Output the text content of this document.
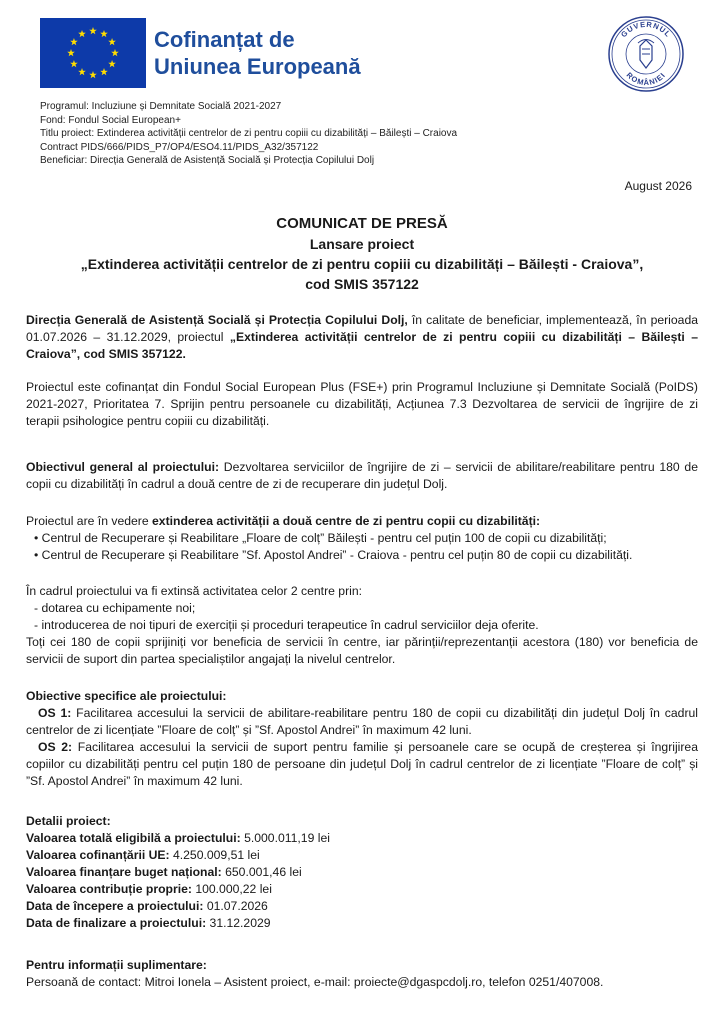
Cofinanțat de
Uniunea Europeană
GUVERNUL
ROMÂNIEI
Programul: Incluziune și Demnitate Socială 2021-2027
Fond: Fondul Social European+
Titlu proiect: Extinderea activității centrelor de zi pentru copiii cu dizabilități – Băilești – Craiova
Contract PIDS/666/PIDS_P7/OP4/ESO4.11/PIDS_A32/357122
Beneficiar: Direcția Generală de Asistență Socială și Protecția Copilului Dolj
August 2026
COMUNICAT DE PRESĂ
Lansare proiect
„Extinderea activității centrelor de zi pentru copiii cu dizabilități – Băilești - Craiova”,
cod SMIS 357122
Direcția Generală de Asistență Socială și Protecția Copilului Dolj, în calitate de beneficiar, implementează, în perioada 01.07.2026 – 31.12.2029, proiectul „Extinderea activității centrelor de zi pentru copiii cu dizabilități – Băilești – Craiova”, cod SMIS 357122.
Proiectul este cofinanțat din Fondul Social European Plus (FSE+) prin Programul Incluziune și Demnitate Socială (PoIDS) 2021-2027, Prioritatea 7. Sprijin pentru persoanele cu dizabilități, Acțiunea 7.3 Dezvoltarea de servicii de îngrijire de zi terapii psihologice pentru copiii cu dizabilități.
Obiectivul general al proiectului: Dezvoltarea serviciilor de îngrijire de zi – servicii de abilitare/reabilitare pentru 180 de copii cu dizabilități în cadrul a două centre de zi de recuperare din județul Dolj.
Proiectul are în vedere extinderea activității a două centre de zi pentru copii cu dizabilități:
• Centrul de Recuperare și Reabilitare „Floare de colț” Băilești - pentru cel puțin 100 de copii cu dizabilități;
• Centrul de Recuperare și Reabilitare ”Sf. Apostol Andrei” - Craiova - pentru cel puțin 80 de copii cu dizabilități.
În cadrul proiectului va fi extinsă activitatea celor 2 centre prin:
- dotarea cu echipamente noi;
- introducerea de noi tipuri de exerciții și proceduri terapeutice în cadrul serviciilor deja oferite.
Toți cei 180 de copii sprijiniți vor beneficia de servicii în centre, iar părinții/reprezentanții acestora (180) vor beneficia de servicii de suport din partea specialiștilor angajați la nivelul centrelor.
Obiective specifice ale proiectului:
OS 1: Facilitarea accesului la servicii de abilitare-reabilitare pentru 180 de copii cu dizabilități din județul Dolj în cadrul centrelor de zi licențiate ”Floare de colț” și ”Sf. Apostol Andrei” în maximum 42 luni.
OS 2: Facilitarea accesului la servicii de suport pentru familie și persoanele care se ocupă de creșterea și îngrijirea copiilor cu dizabilități pentru cel puțin 180 de persoane din județul Dolj în cadrul centrelor de zi licențiate ”Floare de colț” și ”Sf. Apostol Andrei” în maximum 42 luni.
Detalii proiect:
Valoarea totală eligibilă a proiectului: 5.000.011,19 lei
Valoarea cofinanțării UE: 4.250.009,51 lei
Valoarea finanțare buget național: 650.001,46 lei
Valoarea contribuție proprie: 100.000,22 lei
Data de începere a proiectului: 01.07.2026
Data de finalizare a proiectului: 31.12.2029
Pentru informații suplimentare:
Persoană de contact: Mitroi Ionela – Asistent proiect, e-mail: proiecte@dgaspcdolj.ro, telefon 0251/407008.
